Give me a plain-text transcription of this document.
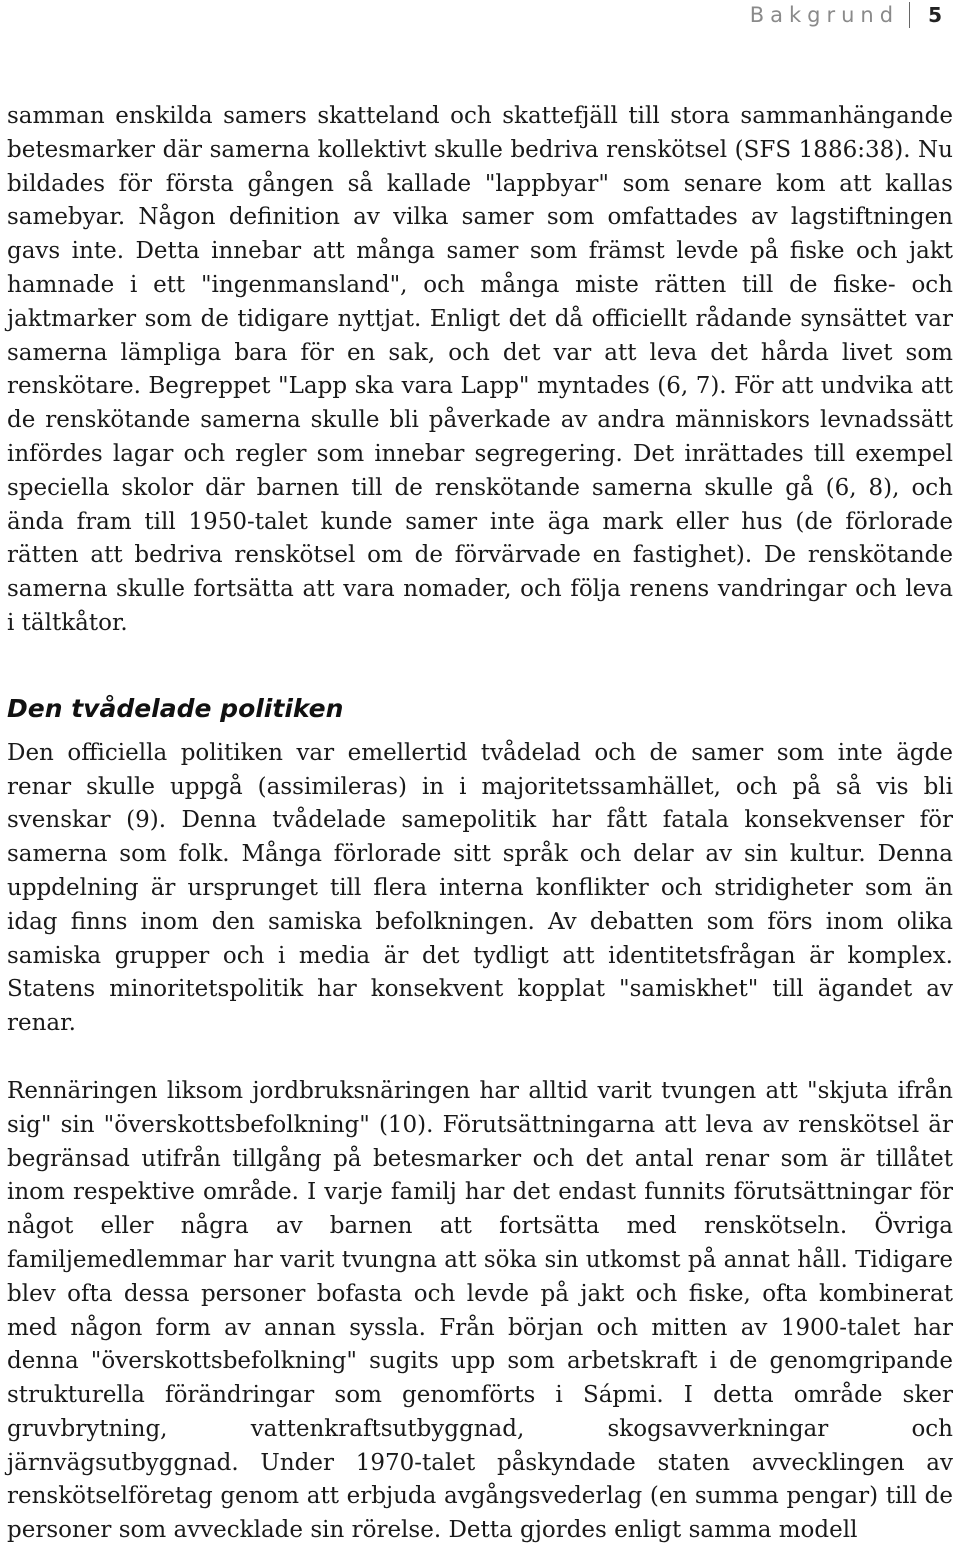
Bakgrund 5

samman enskilda samers skatteland och skattefjäll till stora sammanhängande betesmarker där samerna kollektivt skulle bedriva renskötsel (SFS 1886:38). Nu bildades för första gången så kallade "lappbyar" som senare kom att kallas samebyar. Någon definition av vilka samer som omfattades av lagstiftningen gavs inte. Detta innebar att många samer som främst levde på fiske och jakt hamnade i ett "ingenmansland", och många miste rätten till de fiske- och jaktmarker som de tidigare nyttjat. Enligt det då officiellt rådande synsättet var samerna lämpliga bara för en sak, och det var att leva det hårda livet som renskötare. Begreppet "Lapp ska vara Lapp" myntades (6, 7). För att undvika att de renskötande samerna skulle bli påverkade av andra människors levnadssätt infördes lagar och regler som innebar segregering. Det inrättades till exempel speciella skolor där barnen till de renskötande samerna skulle gå (6, 8), och ända fram till 1950-talet kunde samer inte äga mark eller hus (de förlorade rätten att bedriva renskötsel om de förvärvade en fastighet). De renskötande samerna skulle fortsätta att vara nomader, och följa renens vandringar och leva i tältkåtor.

Den tvådelade politiken

Den officiella politiken var emellertid tvådelad och de samer som inte ägde renar skulle uppgå (assimileras) in i majoritetssamhället, och på så vis bli svenskar (9). Denna tvådelade samepolitik har fått fatala konsekvenser för samerna som folk. Många förlorade sitt språk och delar av sin kultur. Denna uppdelning är ursprunget till flera interna konflikter och stridigheter som än idag finns inom den samiska befolkningen. Av debatten som förs inom olika samiska grupper och i media är det tydligt att identitetsfrågan är komplex. Statens minoritetspolitik har konsekvent kopplat "samiskhet" till ägandet av renar.

Rennäringen liksom jordbruksnäringen har alltid varit tvungen att "skjuta ifrån sig" sin "överskottsbefolkning" (10). Förutsättningarna att leva av renskötsel är begränsad utifrån tillgång på betesmarker och det antal renar som är tillåtet inom respektive område. I varje familj har det endast funnits förutsättningar för något eller några av barnen att fortsätta med renskötseln. Övriga familjemedlemmar har varit tvungna att söka sin utkomst på annat håll. Tidigare blev ofta dessa personer bofasta och levde på jakt och fiske, ofta kombinerat med någon form av annan syssla. Från början och mitten av 1900-talet har denna "överskottsbefolkning" sugits upp som arbetskraft i de genomgripande strukturella förändringar som genomförts i Sápmi. I detta område sker gruvbrytning, vattenkraftsutbyggnad, skogsavverkningar och järnvägsutbyggnad. Under 1970-talet påskyndade staten avvecklingen av renskötselföretag genom att erbjuda avgångsvederlag (en summa pengar) till de personer som avvecklade sin rörelse. Detta gjordes enligt samma modell
